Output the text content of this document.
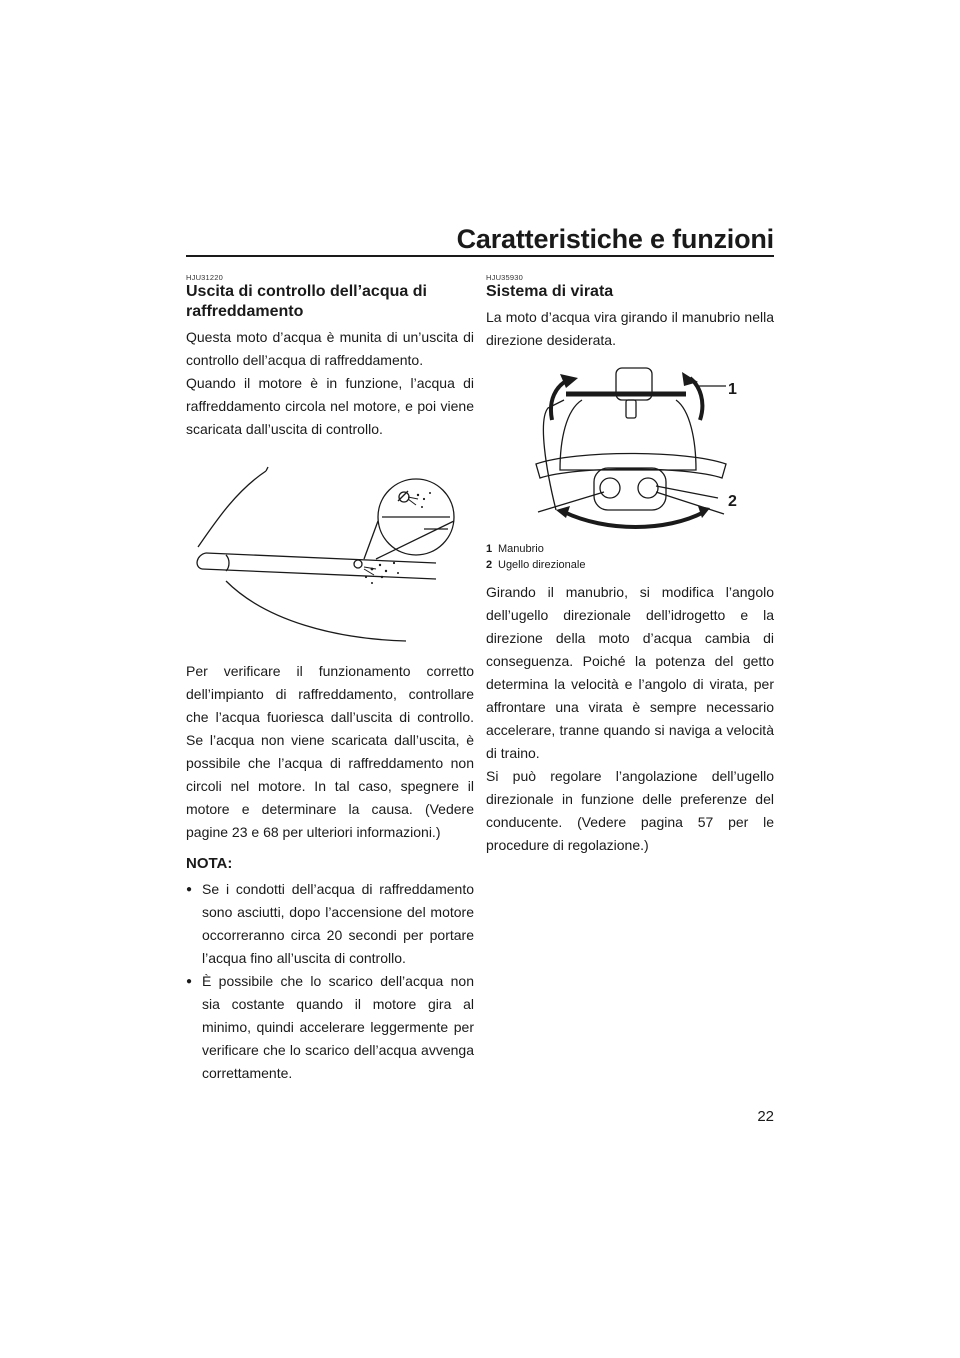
Caratteristiche e funzioni
HJU31220
Uscita di controllo dell’acqua di raffreddamento

Questa moto d’acqua è munita di un’uscita di controllo dell’acqua di raffreddamento.

Quando il motore è in funzione, l’acqua di raffreddamento circola nel motore, e poi viene scaricata dall’uscita di controllo.

Per verificare il funzionamento corretto dell’impianto di raffreddamento, controllare che l’acqua fuoriesca dall’uscita di controllo. Se l’acqua non viene scaricata dall’uscita, è possibile che l’acqua di raffreddamento non circoli nel motore. In tal caso, spegnere il motore e determinare la causa. (Vedere pagine 23 e 68 per ulteriori informazioni.)

NOTA:
● Se i condotti dell’acqua di raffreddamento sono asciutti, dopo l’accensione del motore occorreranno circa 20 secondi per portare l’acqua fino all’uscita di controllo.
● È possibile che lo scarico dell’acqua non sia costante quando il motore gira al minimo, quindi accelerare leggermente per verificare che lo scarico dell’acqua avvenga correttamente.
HJU35930
Sistema di virata

La moto d’acqua vira girando il manubrio nella direzione desiderata.

1
2
1 Manubrio
2 Ugello direzionale

Girando il manubrio, si modifica l’angolo dell’ugello direzionale dell’idrogetto e la direzione della moto d’acqua cambia di conseguenza. Poiché la potenza del getto determina la velocità e l’angolo di virata, per affrontare una virata è sempre necessario accelerare, tranne quando si naviga a velocità di traino.

Si può regolare l’angolazione dell’ugello direzionale in funzione delle preferenze del conducente. (Vedere pagina 57 per le procedure di regolazione.)

22
